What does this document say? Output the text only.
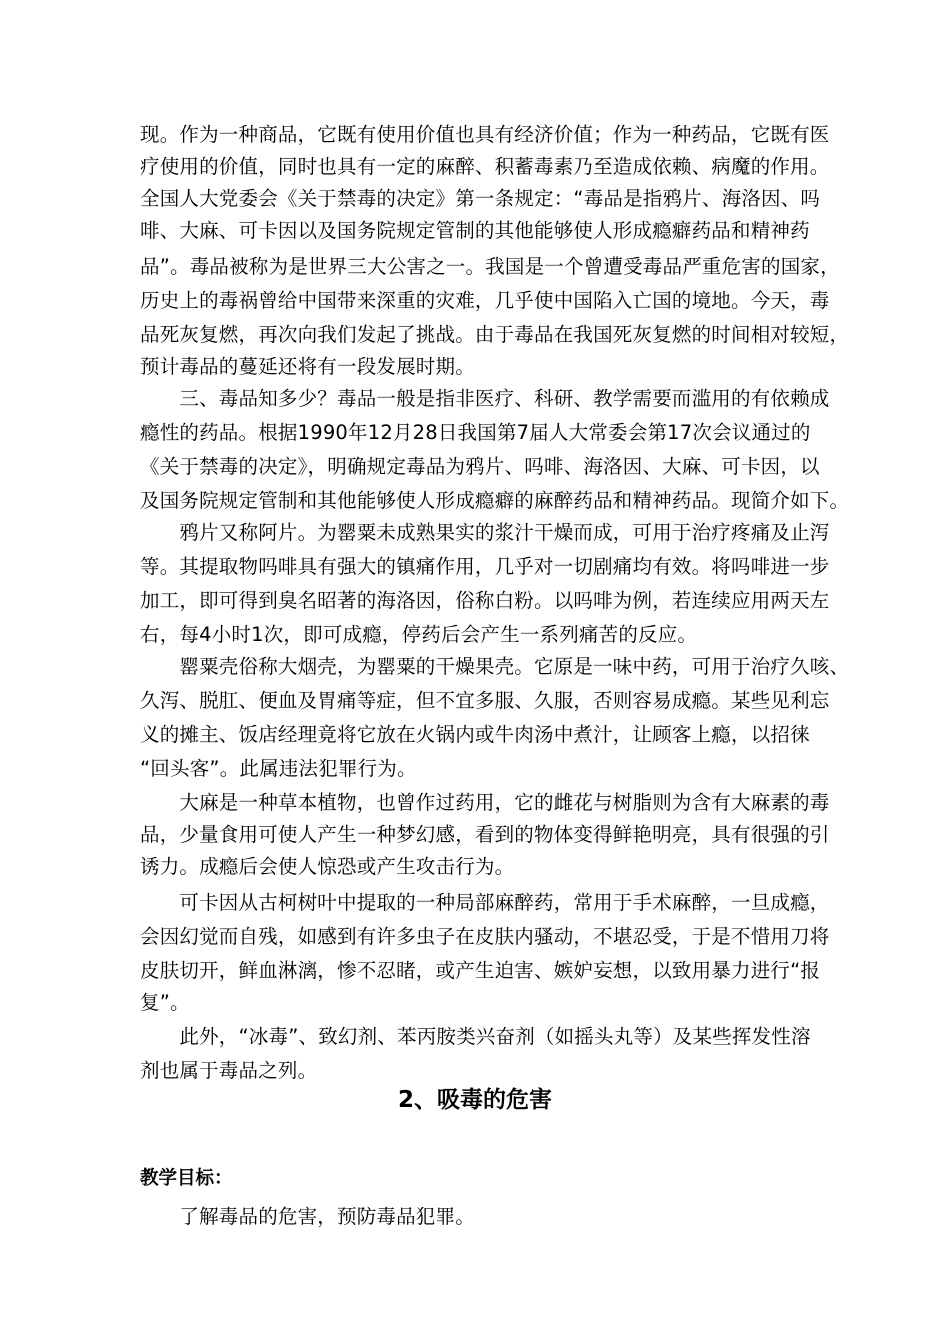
现。作为一种商品，它既有使用价值也具有经济价值；作为一种药品，它既有医
疗使用的价值，同时也具有一定的麻醉、积蓄毒素乃至造成依赖、病魔的作用。
全国人大党委会《关于禁毒的决定》第一条规定：“毒品是指鸦片、海洛因、吗
啡、大麻、可卡因以及国务院规定管制的其他能够使人形成瘾癖药品和精神药
品”。毒品被称为是世界三大公害之一。我国是一个曾遭受毒品严重危害的国家，
历史上的毒祸曾给中国带来深重的灾难，几乎使中国陷入亡国的境地。今天，毒
品死灰复燃，再次向我们发起了挑战。由于毒品在我国死灰复燃的时间相对较短，
预计毒品的蔓延还将有一段发展时期。
　　三、毒品知多少？毒品一般是指非医疗、科研、教学需要而滥用的有依赖成
瘾性的药品。根据1990年12月28日我国第7届人大常委会第17次会议通过的
《关于禁毒的决定》，明确规定毒品为鸦片、吗啡、海洛因、大麻、可卡因，以
及国务院规定管制和其他能够使人形成瘾癖的麻醉药品和精神药品。现简介如下。
　　鸦片又称阿片。为罂粟未成熟果实的浆汁干燥而成，可用于治疗疼痛及止泻
等。其提取物吗啡具有强大的镇痛作用，几乎对一切剧痛均有效。将吗啡进一步
加工，即可得到臭名昭著的海洛因，俗称白粉。以吗啡为例，若连续应用两天左
右，每4小时1次，即可成瘾，停药后会产生一系列痛苦的反应。
　　罂粟壳俗称大烟壳，为罂粟的干燥果壳。它原是一味中药，可用于治疗久咳、
久泻、脱肛、便血及胃痛等症，但不宜多服、久服，否则容易成瘾。某些见利忘
义的摊主、饭店经理竟将它放在火锅内或牛肉汤中煮汁，让顾客上瘾，以招徕
“回头客”。此属违法犯罪行为。
　　大麻是一种草本植物，也曾作过药用，它的雌花与树脂则为含有大麻素的毒
品，少量食用可使人产生一种梦幻感，看到的物体变得鲜艳明亮，具有很强的引
诱力。成瘾后会使人惊恐或产生攻击行为。
　　可卡因从古柯树叶中提取的一种局部麻醉药，常用于手术麻醉，一旦成瘾，
会因幻觉而自残，如感到有许多虫子在皮肤内骚动，不堪忍受，于是不惜用刀将
皮肤切开，鲜血淋漓，惨不忍睹，或产生迫害、嫉妒妄想，以致用暴力进行“报
复”。
　　此外，“冰毒”、致幻剂、苯丙胺类兴奋剂（如摇头丸等）及某些挥发性溶
剂也属于毒品之列。
2、吸毒的危害
教学目标：
　　了解毒品的危害，预防毒品犯罪。
